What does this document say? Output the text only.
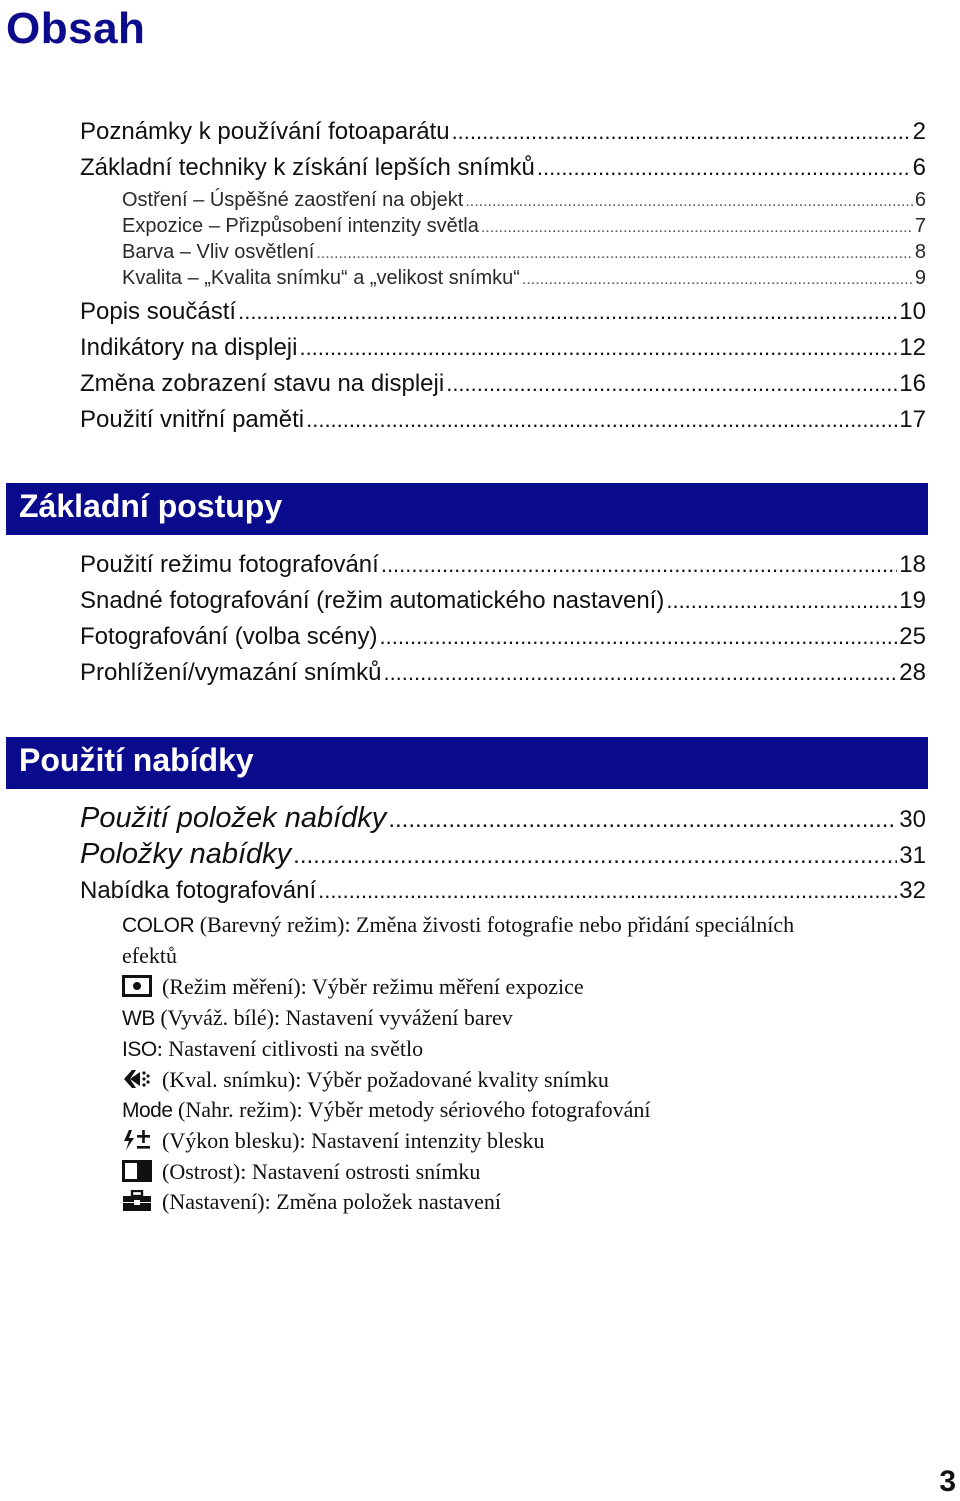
Obsah
Poznámky k používání fotoaparátu .....	2
Základní techniky k získání lepších snímků .....	6
Ostření – Úspěšné zaostření na objekt .....	6
Expozice – Přizpůsobení intenzity světla .....	7
Barva – Vliv osvětlení .....	8
Kvalita – „Kvalita snímku“ a „velikost snímku“ .....	9
Popis součástí .....	10
Indikátory na displeji .....	12
Změna zobrazení stavu na displeji .....	16
Použití vnitřní paměti .....	17
Základní postupy
Použití režimu fotografování .....	18
Snadné fotografování (režim automatického nastavení) .....	19
Fotografování (volba scény) .....	25
Prohlížení/vymazání snímků .....	28
Použití nabídky
Použití položek nabídky .....	30
Položky nabídky .....	31
Nabídka fotografování .....	32
COLOR (Barevný režim): Změna živosti fotografie nebo přidání speciálních
efektů
(Režim měření): Výběr režimu měření expozice
WB (Vyváž. bílé): Nastavení vyvážení barev
ISO: Nastavení citlivosti na světlo
(Kval. snímku): Výběr požadované kvality snímku
Mode (Nahr. režim): Výběr metody sériového fotografování
(Výkon blesku): Nastavení intenzity blesku
(Ostrost): Nastavení ostrosti snímku
(Nastavení): Změna položek nastavení
3
